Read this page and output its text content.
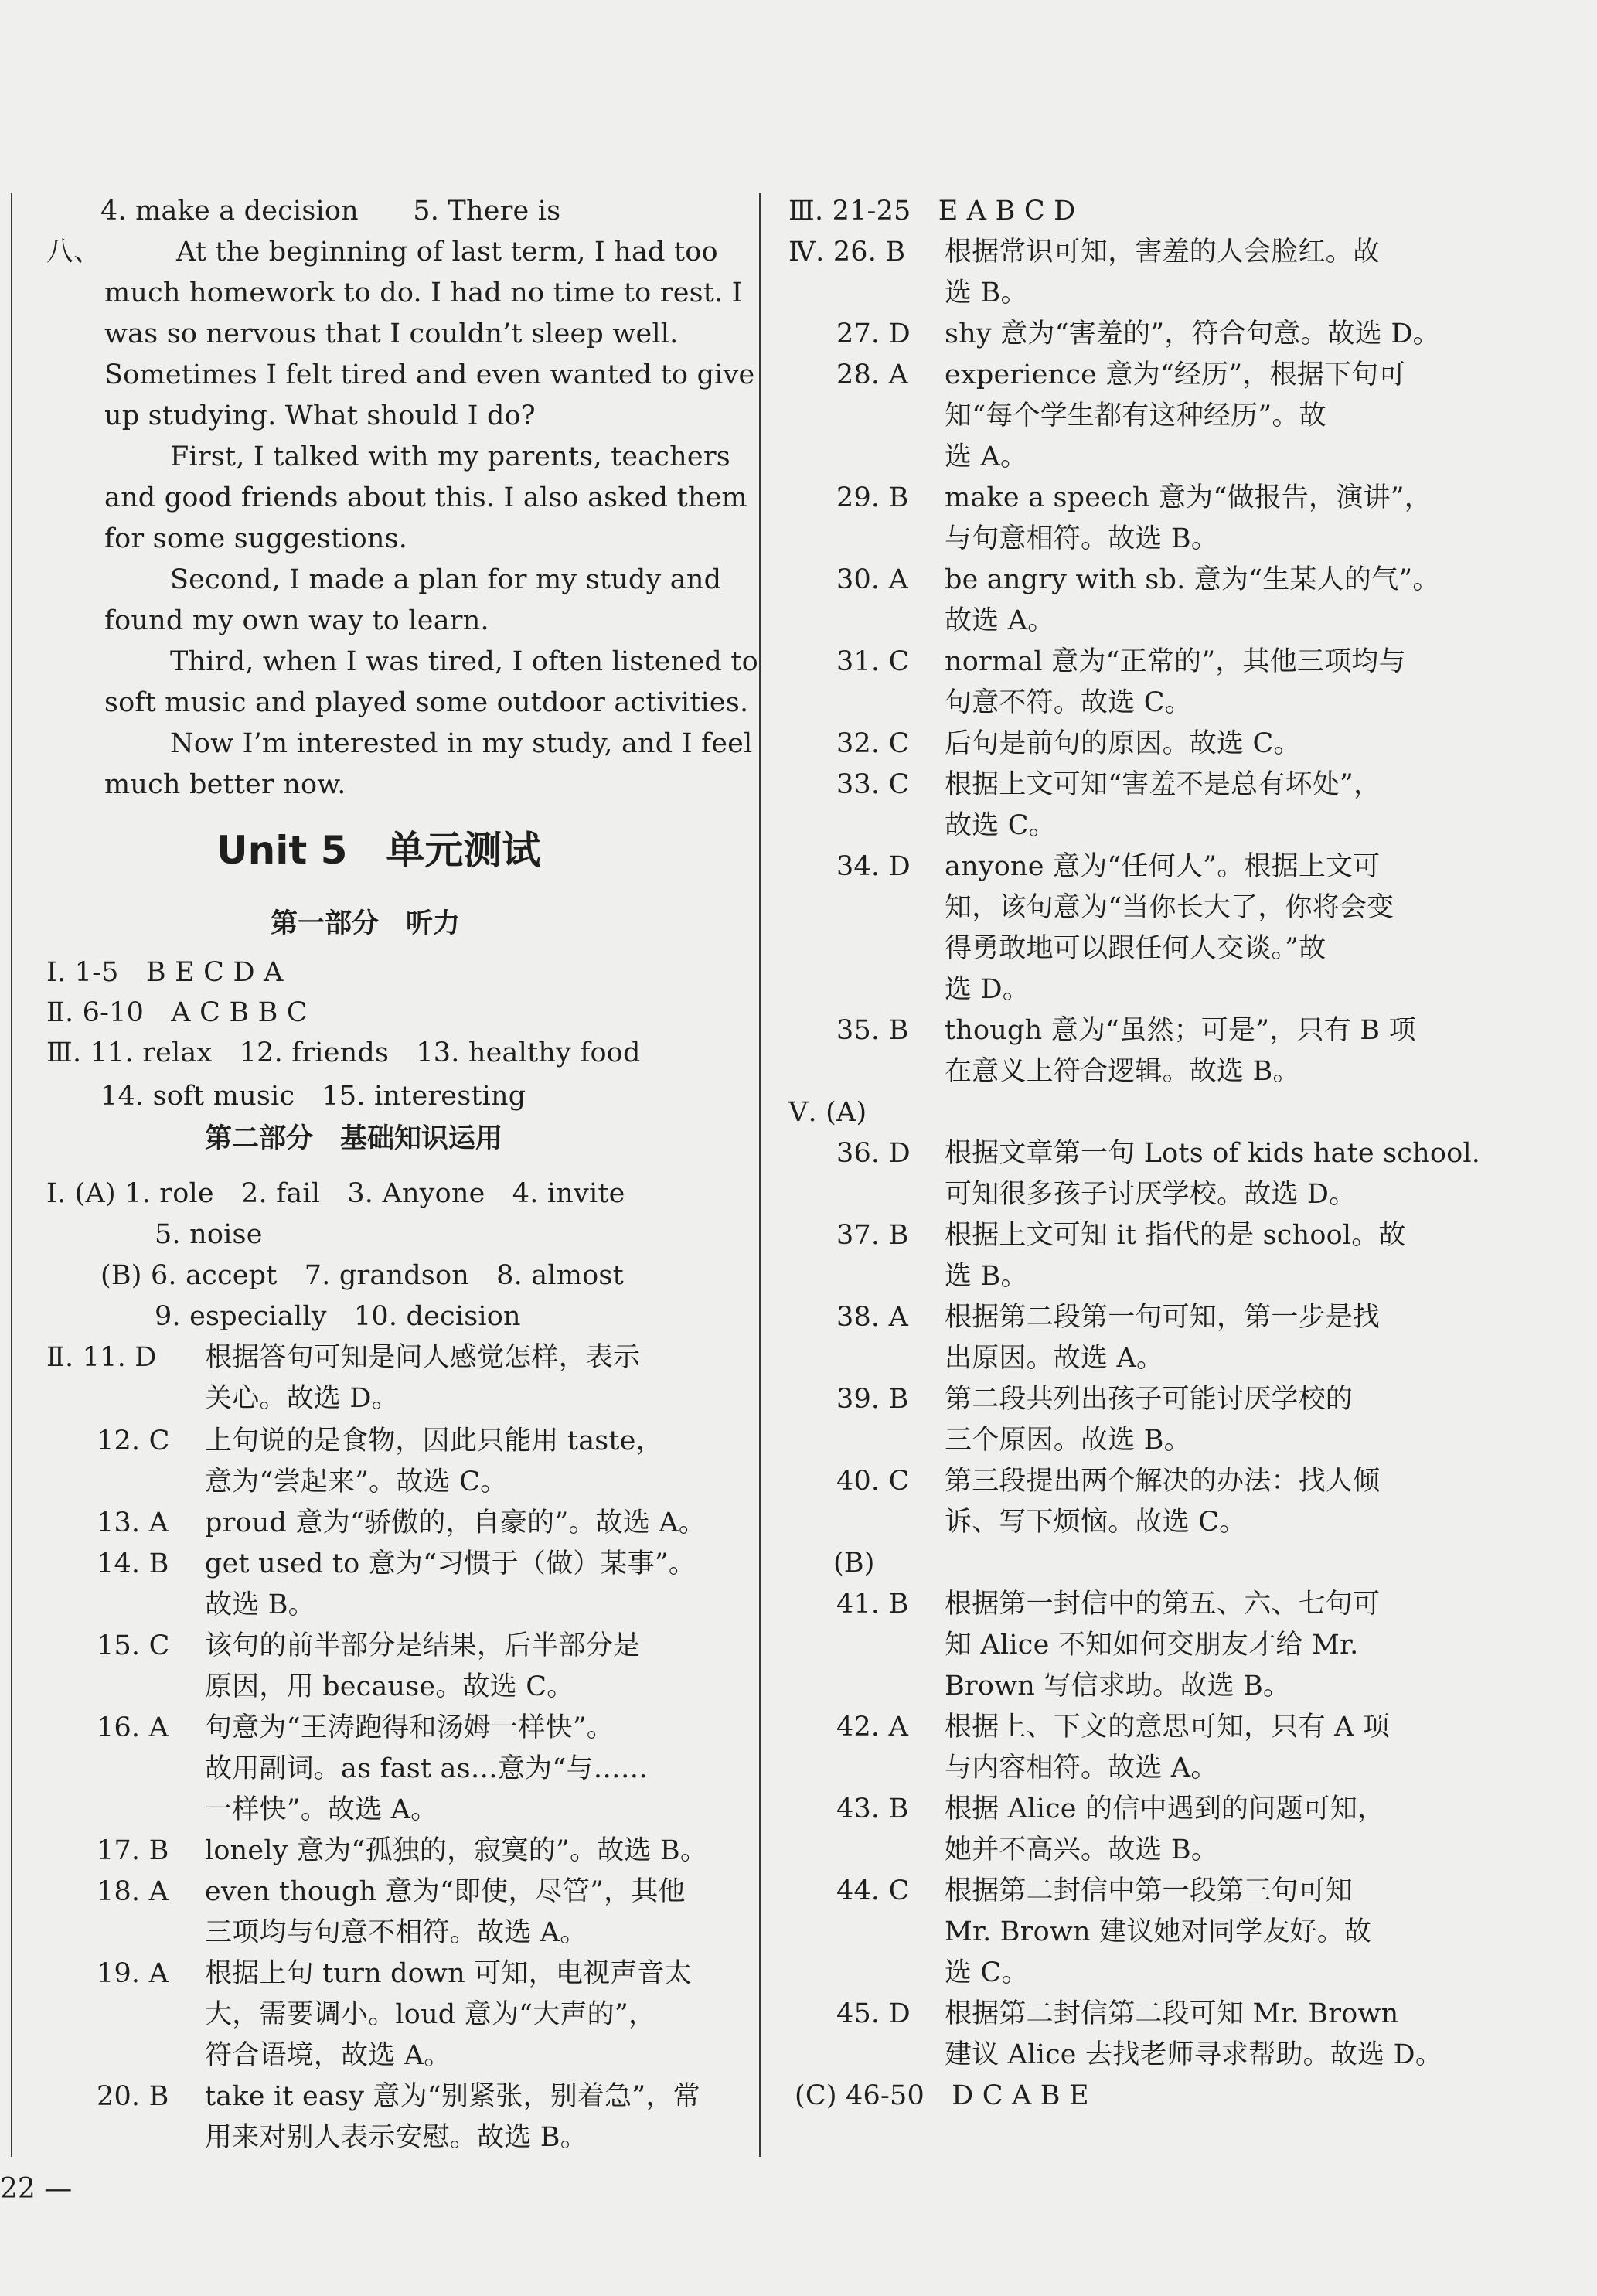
4. make a decision　　5. There is
八、	At the beginning of last term, I had too
much homework to do. I had no time to rest. I
was so nervous that I couldn’t sleep well.
Sometimes I felt tired and even wanted to give
up studying. What should I do?
First, I talked with my parents, teachers
and good friends about this. I also asked them
for some suggestions.
Second, I made a plan for my study and
found my own way to learn.
Third, when I was tired, I often listened to
soft music and played some outdoor activities.
Now I’m interested in my study, and I feel
much better now.
Unit 5　单元测试
第一部分　听力
Ⅰ. 1-5　B E C D A
Ⅱ. 6-10　A C B B C
Ⅲ. 11. relax　12. friends　13. healthy food
14. soft music　15. interesting
第二部分　基础知识运用
Ⅰ. (A) 1. role　2. fail　3. Anyone　4. invite
5. noise
(B) 6. accept　7. grandson　8. almost
9. especially　10. decision
Ⅱ. 11. D 根据答句可知是问人感觉怎样，表示
关心。故选 D。
12. C 上句说的是食物，因此只能用 taste，
意为“尝起来”。故选 C。
13. A proud 意为“骄傲的，自豪的”。故选 A。
14. B get used to 意为“习惯于（做）某事”。
故选 B。
15. C 该句的前半部分是结果，后半部分是
原因，用 because。故选 C。
16. A 句意为“王涛跑得和汤姆一样快”。
故用副词。as fast as…意为“与……
一样快”。故选 A。
17. B lonely 意为“孤独的，寂寞的”。故选 B。
18. A even though 意为“即使，尽管”，其他
三项均与句意不相符。故选 A。
19. A 根据上句 turn down 可知，电视声音太
大，需要调小。loud 意为“大声的”，
符合语境，故选 A。
20. B take it easy 意为“别紧张，别着急”，常
用来对别人表示安慰。故选 B。
Ⅲ. 21-25　E A B C D
Ⅳ. 26. B 根据常识可知，害羞的人会脸红。故
选 B。
27. D shy 意为“害羞的”，符合句意。故选 D。
28. A experience 意为“经历”，根据下句可
知“每个学生都有这种经历”。故
选 A。
29. B make a speech 意为“做报告，演讲”，
与句意相符。故选 B。
30. A be angry with sb. 意为“生某人的气”。
故选 A。
31. C normal 意为“正常的”，其他三项均与
句意不符。故选 C。
32. C 后句是前句的原因。故选 C。
33. C 根据上文可知“害羞不是总有坏处”，
故选 C。
34. D anyone 意为“任何人”。根据上文可
知，该句意为“当你长大了，你将会变
得勇敢地可以跟任何人交谈。”故
选 D。
35. B though 意为“虽然；可是”，只有 B 项
在意义上符合逻辑。故选 B。
Ⅴ. (A)
36. D 根据文章第一句 Lots of kids hate school.
可知很多孩子讨厌学校。故选 D。
37. B 根据上文可知 it 指代的是 school。故
选 B。
38. A 根据第二段第一句可知，第一步是找
出原因。故选 A。
39. B 第二段共列出孩子可能讨厌学校的
三个原因。故选 B。
40. C 第三段提出两个解决的办法：找人倾
诉、写下烦恼。故选 C。
(B)
41. B 根据第一封信中的第五、六、七句可
知 Alice 不知如何交朋友才给 Mr.
Brown 写信求助。故选 B。
42. A 根据上、下文的意思可知，只有 A 项
与内容相符。故选 A。
43. B 根据 Alice 的信中遇到的问题可知，
她并不高兴。故选 B。
44. C 根据第二封信中第一段第三句可知
Mr. Brown 建议她对同学友好。故
选 C。
45. D 根据第二封信第二段可知 Mr. Brown
建议 Alice 去找老师寻求帮助。故选 D。
(C) 46-50　D C A B E
22 —
